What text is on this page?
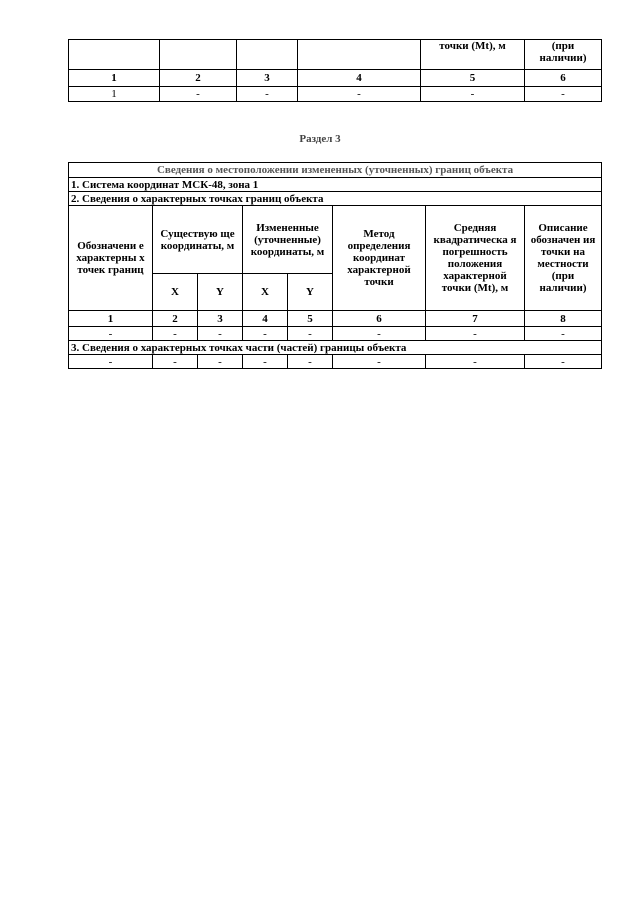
				точки (Mt), м	(при наличии)
1	2	3	4	5	6
1	-	-	-	-	-
Раздел 3
Сведения о местоположении измененных (уточненных) границ объекта							
1. Система координат МСК-48, зона 1							
2. Сведения о характерных точках границ объекта							
Обозначени е характерны х точек границ	Существую ще координаты, м		Измененные (уточненные) координаты, м		Метод определения координат характерной точки	Средняя квадратическа я погрешность положения характерной точки (Mt), м	Описание обозначен ия точки на местности (при наличии)
	X	Y	X	Y			
1	2	3	4	5	6	7	8
-	-	-	-	-	-	-	-
3. Сведения о характерных точках части (частей) границы объекта							
-	-	-	-	-	-	-	-
